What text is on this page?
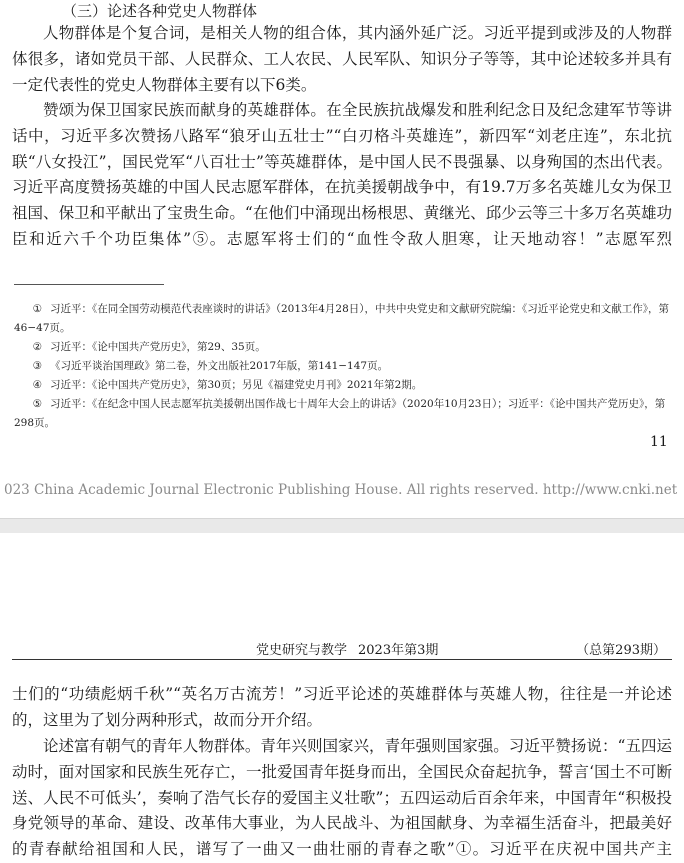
（三）论述各种党史人物群体

人物群体是个复合词，是相关人物的组合体，其内涵外延广泛。习近平提到或涉及的人物群体很多，诸如党员干部、人民群众、工人农民、人民军队、知识分子等等，其中论述较多并具有一定代表性的党史人物群体主要有以下6类。

赞颂为保卫国家民族而献身的英雄群体。在全民族抗战爆发和胜利纪念日及纪念建军节等讲话中，习近平多次赞扬八路军“狼牙山五壮士”“白刃格斗英雄连”，新四军“刘老庄连”，东北抗联“八女投江”，国民党军“八百壮士”等英雄群体，是中国人民不畏强暴、以身殉国的杰出代表。习近平高度赞扬英雄的中国人民志愿军群体，在抗美援朝战争中，有19.7万多名英雄儿女为保卫祖国、保卫和平献出了宝贵生命。“在他们中涌现出杨根思、黄继光、邱少云等三十多万名英雄功臣和近六千个功臣集体”⑤。志愿军将士们的“血性令敌人胆寒，让天地动容！”志愿军烈

① 习近平：《在同全国劳动模范代表座谈时的讲话》（2013年4月28日），中共中央党史和文献研究院编：《习近平论党史和文献工作》，第46−47页。
② 习近平：《论中国共产党历史》，第29、35页。
③ 《习近平谈治国理政》第二卷，外文出版社2017年版，第141−147页。
④ 习近平：《论中国共产党历史》，第30页；另见《福建党史月刊》2021年第2期。
⑤ 习近平：《在纪念中国人民志愿军抗美援朝出国作战七十周年大会上的讲话》（2020年10月23日）；习近平：《论中国共产党历史》，第298页。
11
023 China Academic Journal Electronic Publishing House. All rights reserved. http://www.cnki.net
党史研究与教学 2023年第3期	（总第293期）

士们的“功绩彪炳千秋”“英名万古流芳！”习近平论述的英雄群体与英雄人物，往往是一并论述的，这里为了划分两种形式，故而分开介绍。

论述富有朝气的青年人物群体。青年兴则国家兴，青年强则国家强。习近平赞扬说：“五四运动时，面对国家和民族生死存亡，一批爱国青年挺身而出，全国民众奋起抗争，誓言‘国土不可断送、人民不可低头’，奏响了浩气长存的爱国主义壮歌”；五四运动后百余年来，中国青年“积极投身党领导的革命、建设、改革伟大事业，为人民战斗、为祖国献身、为幸福生活奋斗，把最美好的青春献给祖国和人民，谱写了一曲又一曲壮丽的青春之歌”①。习近平在庆祝中国共产主
